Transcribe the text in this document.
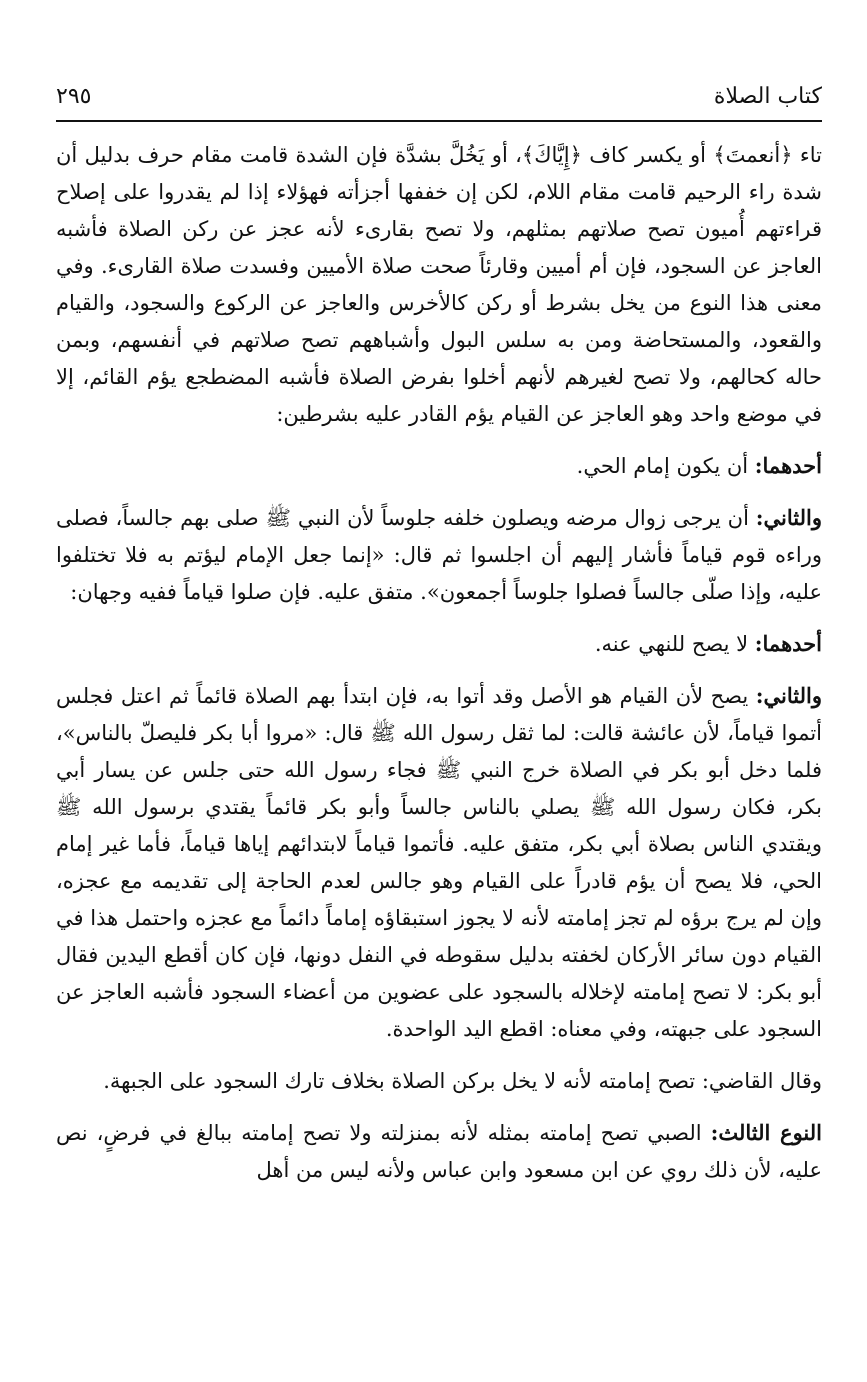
كتاب الصلاة
٢٩٥

تاء ﴿أنعمتَ﴾ أو يكسر كاف ﴿إِيَّاكَ﴾، أو يَخُلَّ بشدَّة فإن الشدة قامت مقام حرف بدليل أن شدة راء الرحيم قامت مقام اللام، لكن إن خففها أجزأته فهؤلاء إذا لم يقدروا على إصلاح قراءتهم أُميون تصح صلاتهم بمثلهم، ولا تصح بقارىء لأنه عجز عن ركن الصلاة فأشبه العاجز عن السجود، فإن أم أميين وقارئاً صحت صلاة الأميين وفسدت صلاة القارىء. وفي معنى هذا النوع من يخل بشرط أو ركن كالأخرس والعاجز عن الركوع والسجود، والقيام والقعود، والمستحاضة ومن به سلس البول وأشباههم تصح صلاتهم في أنفسهم، وبمن حاله كحالهم، ولا تصح لغيرهم لأنهم أخلوا بفرض الصلاة فأشبه المضطجع يؤم القائم، إلا في موضع واحد وهو العاجز عن القيام يؤم القادر عليه بشرطين:

أحدهما: أن يكون إمام الحي.

والثاني: أن يرجى زوال مرضه ويصلون خلفه جلوساً لأن النبي ﷺ صلى بهم جالساً، فصلى وراءه قوم قياماً فأشار إليهم أن اجلسوا ثم قال: «إنما جعل الإمام ليؤتم به فلا تختلفوا عليه، وإذا صلّى جالساً فصلوا جلوساً أجمعون». متفق عليه. فإن صلوا قياماً ففيه وجهان:

أحدهما: لا يصح للنهي عنه.

والثاني: يصح لأن القيام هو الأصل وقد أتوا به، فإن ابتدأ بهم الصلاة قائماً ثم اعتل فجلس أتموا قياماً، لأن عائشة قالت: لما ثقل رسول الله ﷺ قال: «مروا أبا بكر فليصلّ بالناس»، فلما دخل أبو بكر في الصلاة خرج النبي ﷺ فجاء رسول الله حتى جلس عن يسار أبي بكر، فكان رسول الله ﷺ يصلي بالناس جالساً وأبو بكر قائماً يقتدي برسول الله ﷺ ويقتدي الناس بصلاة أبي بكر، متفق عليه. فأتموا قياماً لابتدائهم إياها قياماً، فأما غير إمام الحي، فلا يصح أن يؤم قادراً على القيام وهو جالس لعدم الحاجة إلى تقديمه مع عجزه، وإن لم يرج برؤه لم تجز إمامته لأنه لا يجوز استبقاؤه إماماً دائماً مع عجزه واحتمل هذا في القيام دون سائر الأركان لخفته بدليل سقوطه في النفل دونها، فإن كان أقطع اليدين فقال أبو بكر: لا تصح إمامته لإخلاله بالسجود على عضوين من أعضاء السجود فأشبه العاجز عن السجود على جبهته، وفي معناه: اقطع اليد الواحدة.

وقال القاضي: تصح إمامته لأنه لا يخل بركن الصلاة بخلاف تارك السجود على الجبهة.

النوع الثالث: الصبي تصح إمامته بمثله لأنه بمنزلته ولا تصح إمامته ببالغ في فرضٍ، نص عليه، لأن ذلك روي عن ابن مسعود وابن عباس ولأنه ليس من أهل
